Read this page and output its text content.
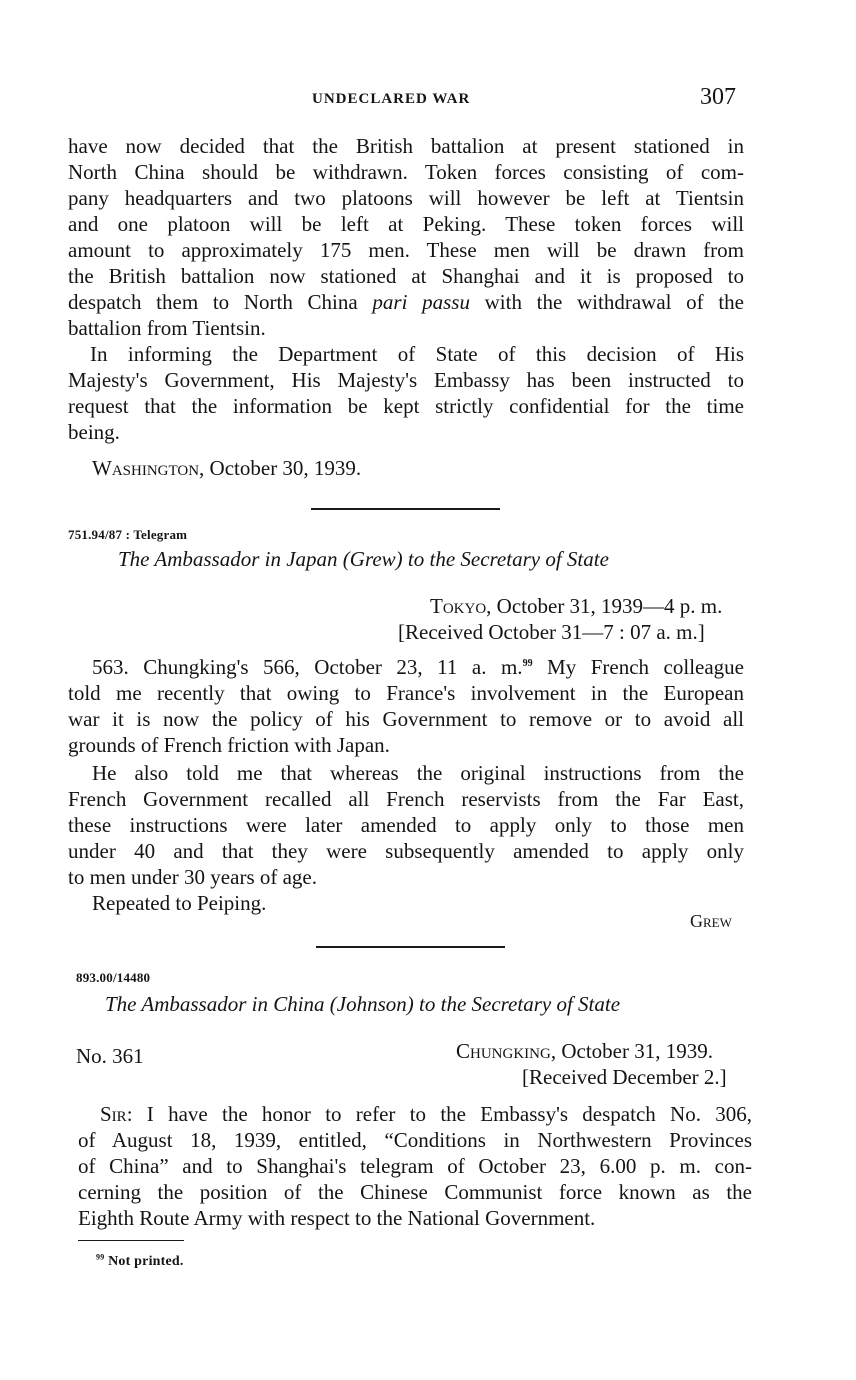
UNDECLARED WAR	307
have now decided that the British battalion at present stationed in
North China should be withdrawn. Token forces consisting of com-
pany headquarters and two platoons will however be left at Tientsin
and one platoon will be left at Peking. These token forces will
amount to approximately 175 men. These men will be drawn from
the British battalion now stationed at Shanghai and it is proposed to
despatch them to North China pari passu with the withdrawal of the
battalion from Tientsin.
In informing the Department of State of this decision of His
Majesty's Government, His Majesty's Embassy has been instructed to
request that the information be kept strictly confidential for the time
being.
Washington, October 30, 1939.
751.94/87 : Telegram
The Ambassador in Japan (Grew) to the Secretary of State
Tokyo, October 31, 1939—4 p. m.
[Received October 31—7 : 07 a. m.]
563. Chungking's 566, October 23, 11 a. m.$^{99}$ My French colleague
told me recently that owing to France's involvement in the European
war it is now the policy of his Government to remove or to avoid all
grounds of French friction with Japan.
He also told me that whereas the original instructions from the
French Government recalled all French reservists from the Far East,
these instructions were later amended to apply only to those men
under 40 and that they were subsequently amended to apply only
to men under 30 years of age.
Repeated to Peiping.
Grew
893.00/14480
The Ambassador in China (Johnson) to the Secretary of State
No. 361	Chungking, October 31, 1939.
[Received December 2.]
Sir: I have the honor to refer to the Embassy's despatch No. 306,
of August 18, 1939, entitled, “Conditions in Northwestern Provinces
of China” and to Shanghai's telegram of October 23, 6.00 p. m. con-
cerning the position of the Chinese Communist force known as the
Eighth Route Army with respect to the National Government.
$^{99}$ Not printed.
